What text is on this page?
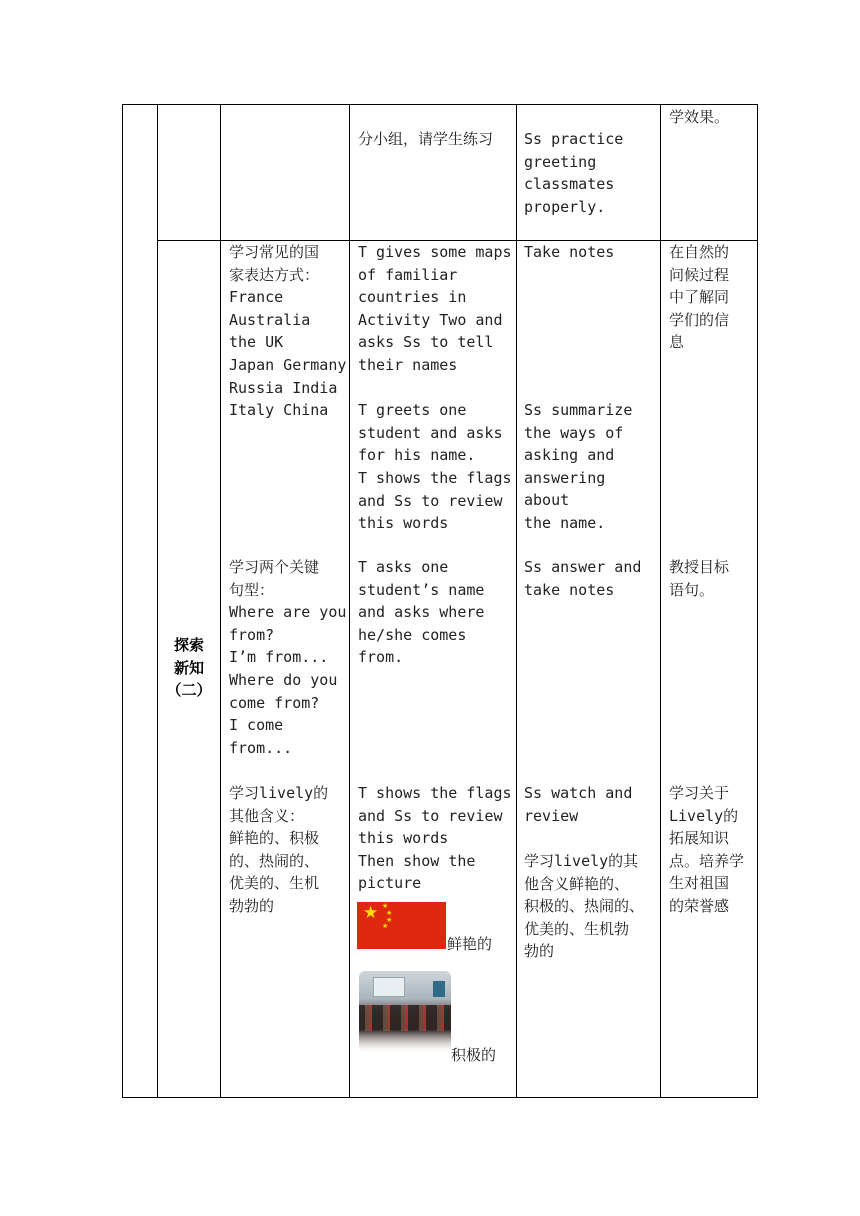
分小组，请学生练习	Ss practice
greeting
classmates
properly.
学效果。
探索
新知
（二）
学习常见的国
家表达方式：
France
Australia
the UK
Japan Germany
Russia India
Italy China
T gives some maps
of familiar
countries in
Activity Two and
asks Ss to tell
their names

T greets one
student and asks
for his name.
T shows the flags
and Ss to review
this words
Take notes
Ss summarize
the ways of
asking and
answering about
the name.
在自然的
问候过程
中了解同
学们的信
息
学习两个关键
句型：
Where are you
from?
I’m from...
Where do you
come from?
I come
from...
T asks one
student’s name
and asks where
he/she comes from.
Ss answer and
take notes
教授目标
语句。
学习lively的
其他含义：
鲜艳的、积极
的、热闹的、
优美的、生机
勃勃的
T shows the flags
and Ss to review
this words
Then show the
picture
★ ★
★
★
★
鲜艳的
积极的
Ss watch and
review
学习lively的其
他含义鲜艳的、
积极的、热闹的、
优美的、生机勃
勃的
学习关于
Lively的
拓展知识
点。培养学
生对祖国
的荣誉感
